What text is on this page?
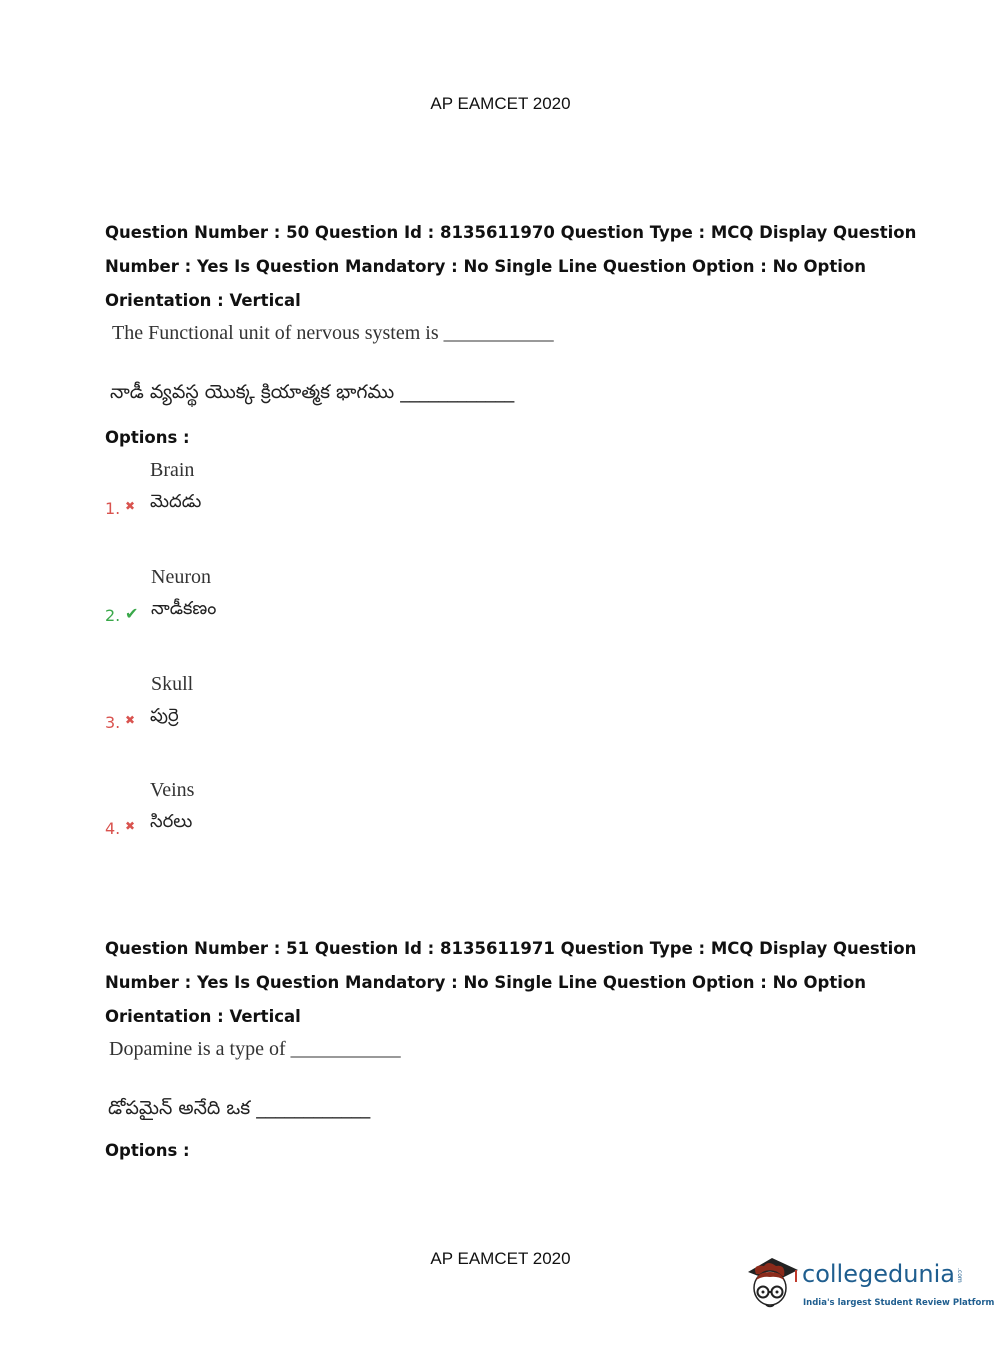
AP EAMCET 2020
Question Number : 50 Question Id : 8135611970 Question Type : MCQ Display Question
Number : Yes Is Question Mandatory : No Single Line Question Option : No Option
Orientation : Vertical
The Functional unit of nervous system is ___________
నాడీ వ్యవస్థ యొక్క క్రియాత్మక భాగము ____________
Options :
Brain
మెదడు
1. ✖
Neuron
నాడీకణం
2. ✔
Skull
పుర్రె
3. ✖
Veins
సిరలు
4. ✖
Question Number : 51 Question Id : 8135611971 Question Type : MCQ Display Question
Number : Yes Is Question Mandatory : No Single Line Question Option : No Option
Orientation : Vertical
Dopamine is a type of ___________
డోపమైన్ అనేది ఒక ____________
Options :
AP EAMCET 2020
collegedunia .com
India's largest Student Review Platform
